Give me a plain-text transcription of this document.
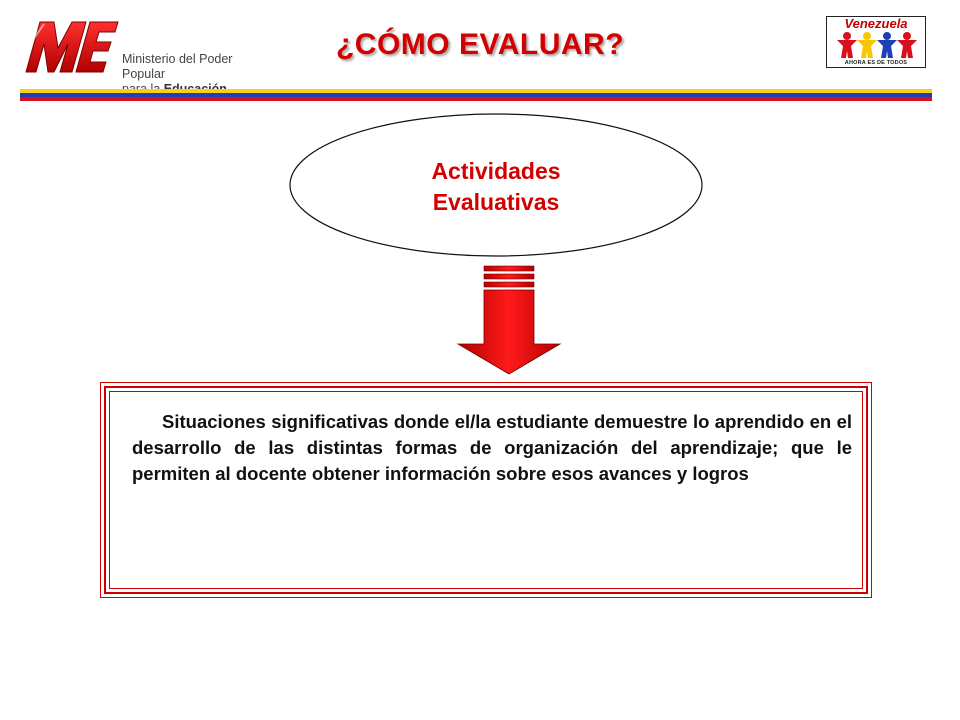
Ministerio del Poder Popular
¿CÓMO EVALUAR?
Venezuela
AHORA ES DE TODOS
Actividades
Evaluativas
Situaciones significativas donde el/la estudiante demuestre lo aprendido en el desarrollo de las distintas formas de organización del aprendizaje; que le permiten al docente obtener información sobre esos avances y logros
